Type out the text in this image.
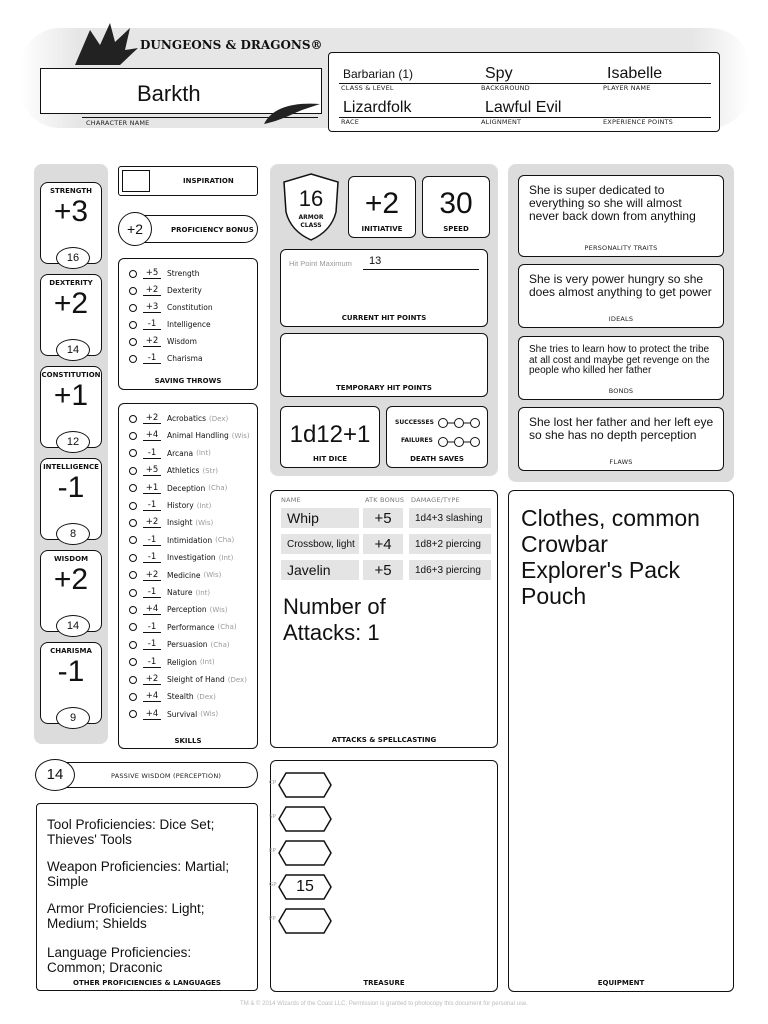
DUNGEONS & DRAGONS®
Barkth
CHARACTER NAME
Barbarian (1)	Spy	Isabelle
CLASS & LEVEL	BACKGROUND	PLAYER NAME
Lizardfolk	Lawful Evil
RACE	ALIGNMENT	EXPERIENCE POINTS
STRENGTH
+3
16
DEXTERITY
+2
14
CONSTITUTION
+1
12
INTELLIGENCE
-1
8
WISDOM
+2
14
CHARISMA
-1
9
INSPIRATION
+2	PROFICIENCY BONUS
+5	Strength
+2	Dexterity
+3	Constitution
-1	Intelligence
+2	Wisdom
-1	Charisma
SAVING THROWS
+2	Acrobatics (Dex)
+4	Animal Handling (Wis)
-1	Arcana (Int)
+5	Athletics (Str)
+1	Deception (Cha)
-1	History (Int)
+2	Insight (Wis)
-1	Intimidation (Cha)
-1	Investigation (Int)
+2	Medicine (Wis)
-1	Nature (Int)
+4	Perception (Wis)
-1	Performance (Cha)
-1	Persuasion (Cha)
-1	Religion (Int)
+2	Sleight of Hand (Dex)
+4	Stealth (Dex)
+4	Survival (Wis)
SKILLS
14	PASSIVE WISDOM (PERCEPTION)
Tool Proficiencies: Dice Set; Thieves' Tools
Weapon Proficiencies: Martial; Simple
Armor Proficiencies: Light; Medium; Shields
Language Proficiencies: Common; Draconic
OTHER PROFICIENCIES & LANGUAGES
16
ARMOR
CLASS
+2
INITIATIVE
30
SPEED
Hit Point Maximum 13
CURRENT HIT POINTS
TEMPORARY HIT POINTS
1d12+1
HIT DICE
SUCCESSES
FAILURES
DEATH SAVES
She is super dedicated to everything so she will almost never back down from anything
PERSONALITY TRAITS
She is very power hungry so she does almost anything to get power
IDEALS
She tries to learn how to protect the tribe at all cost and maybe get revenge on the people who killed her father
BONDS
She lost her father and her left eye so she has no depth perception
FLAWS
NAME	ATK BONUS DAMAGE/TYPE
Whip	+5	1d4+3 slashing
Crossbow, light	+4	1d8+2 piercing
Javelin	+5	1d6+3 piercing
Number of Attacks: 1
ATTACKS & SPELLCASTING
TREASURE
CP
SP
EP
GP	15
PP
Clothes, common
Crowbar
Explorer's Pack
Pouch
EQUIPMENT
TM & © 2014 Wizards of the Coast LLC. Permission is granted to photocopy this document for personal use.
